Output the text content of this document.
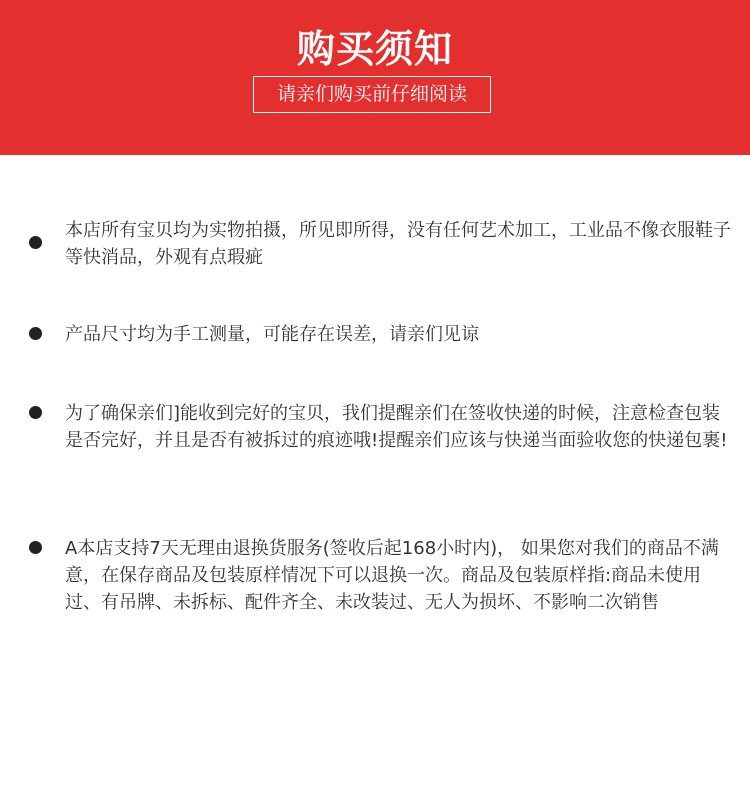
购买须知
请亲们购买前仔细阅读
本店所有宝贝均为实物拍摄，所见即所得，没有任何艺术加工，工业品不像衣服鞋子等快消品，外观有点瑕疵
产品尺寸均为手工测量，可能存在误差，请亲们见谅
为了确保亲们]能收到完好的宝贝，我们提醒亲们在签收快递的时候，注意检查包装是否完好，并且是否有被拆过的痕迹哦!提醒亲们应该与快递当面验收您的快递包裹!
A本店支持7天无理由退换货服务(签收后起168小时内)， 如果您对我们的商品不满意，在保存商品及包装原样情况下可以退换一次。商品及包装原样指:商品未使用过、有吊牌、未拆标、配件齐全、未改装过、无人为损坏、不影响二次销售
